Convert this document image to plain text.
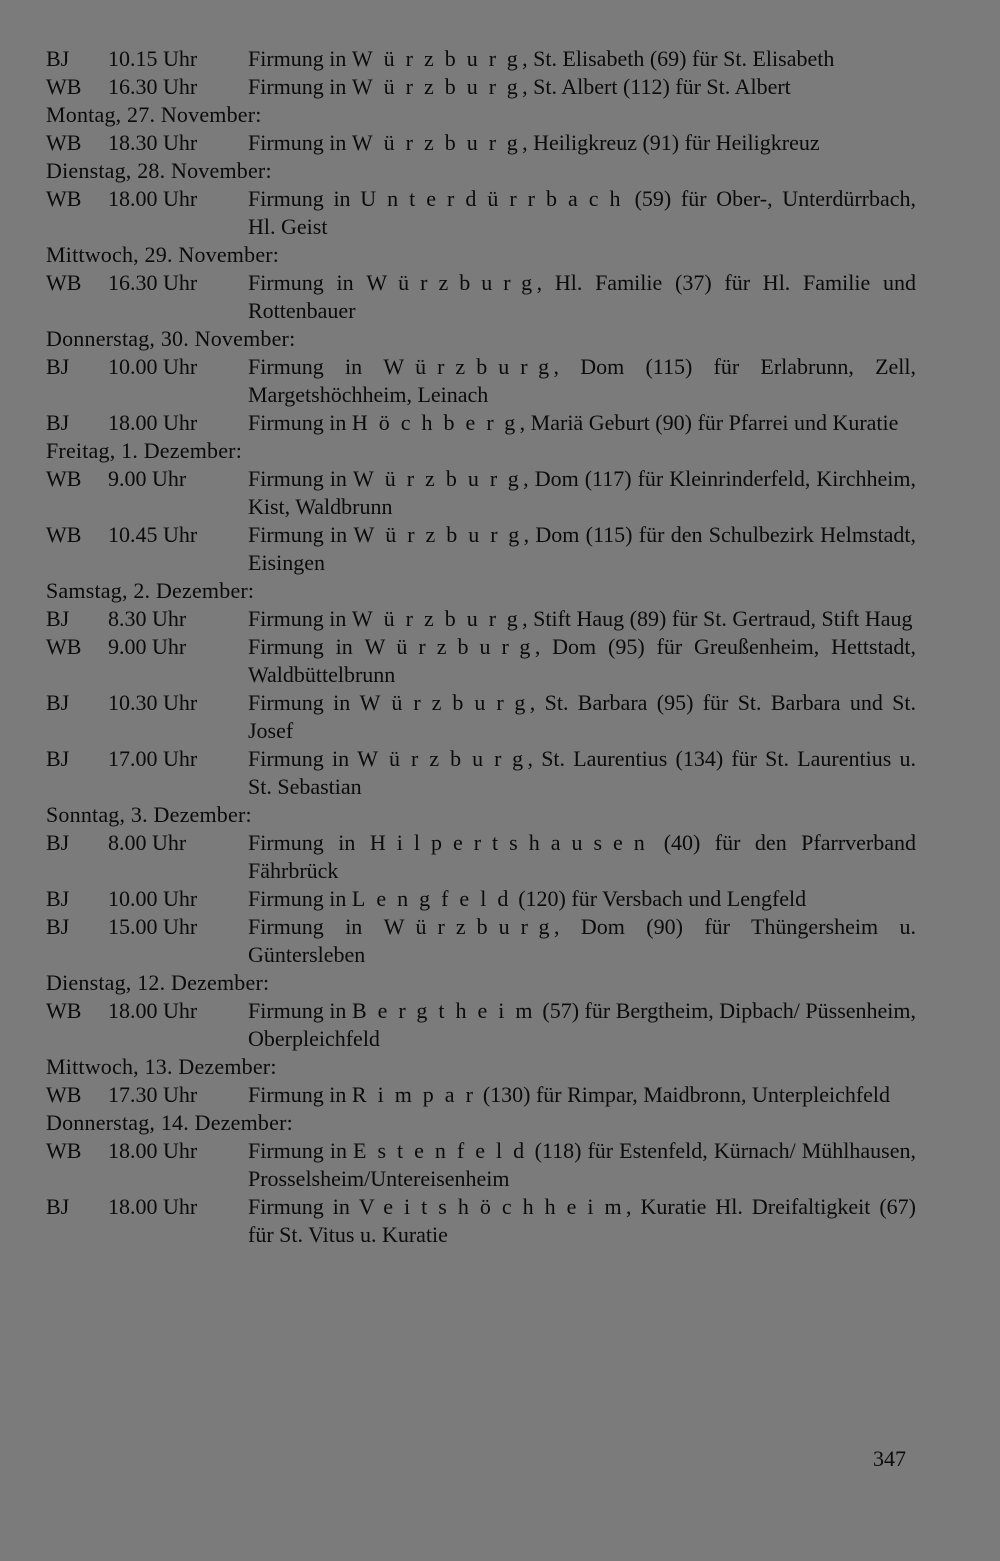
BJ	10.15 Uhr	Firmung in Würzburg, St. Elisabeth (69) für St. Elisabeth
WB	16.30 Uhr	Firmung in Würzburg, St. Albert (112) für St. Albert
Montag, 27. November:
WB	18.30 Uhr	Firmung in Würzburg, Heiligkreuz (91) für Heiligkreuz
Dienstag, 28. November:
WB	18.00 Uhr	Firmung in Unterdürrbach (59) für Ober-, Unterdürrbach, Hl. Geist
Mittwoch, 29. November:
WB	16.30 Uhr	Firmung in Würzburg, Hl. Familie (37) für Hl. Familie und Rottenbauer
Donnerstag, 30. November:
BJ	10.00 Uhr	Firmung in Würzburg, Dom (115) für Erlabrunn, Zell, Margetshöchheim, Leinach
BJ	18.00 Uhr	Firmung in Höchberg, Mariä Geburt (90) für Pfarrei und Kuratie
Freitag, 1. Dezember:
WB	9.00 Uhr	Firmung in Würzburg, Dom (117) für Kleinrinderfeld, Kirchheim, Kist, Waldbrunn
WB	10.45 Uhr	Firmung in Würzburg, Dom (115) für den Schulbezirk Helmstadt, Eisingen
Samstag, 2. Dezember:
BJ	8.30 Uhr	Firmung in Würzburg, Stift Haug (89) für St. Gertraud, Stift Haug
WB	9.00 Uhr	Firmung in Würzburg, Dom (95) für Greußenheim, Hettstadt, Waldbüttelbrunn
BJ	10.30 Uhr	Firmung in Würzburg, St. Barbara (95) für St. Barbara und St. Josef
BJ	17.00 Uhr	Firmung in Würzburg, St. Laurentius (134) für St. Laurentius u. St. Sebastian
Sonntag, 3. Dezember:
BJ	8.00 Uhr	Firmung in Hilpertshausen (40) für den Pfarrverband Fährbrück
BJ	10.00 Uhr	Firmung in Lengfeld (120) für Versbach und Lengfeld
BJ	15.00 Uhr	Firmung in Würzburg, Dom (90) für Thüngersheim u. Güntersleben
Dienstag, 12. Dezember:
WB	18.00 Uhr	Firmung in Bergtheim (57) für Bergtheim, Dipbach/ Püssenheim, Oberpleichfeld
Mittwoch, 13. Dezember:
WB	17.30 Uhr	Firmung in Rimpar (130) für Rimpar, Maidbronn, Unterpleichfeld
Donnerstag, 14. Dezember:
WB	18.00 Uhr	Firmung in Estenfeld (118) für Estenfeld, Kürnach/ Mühlhausen, Prosselsheim/Untereisenheim
BJ	18.00 Uhr	Firmung in Veitshöchheim, Kuratie Hl. Dreifaltigkeit (67) für St. Vitus u. Kuratie
347
